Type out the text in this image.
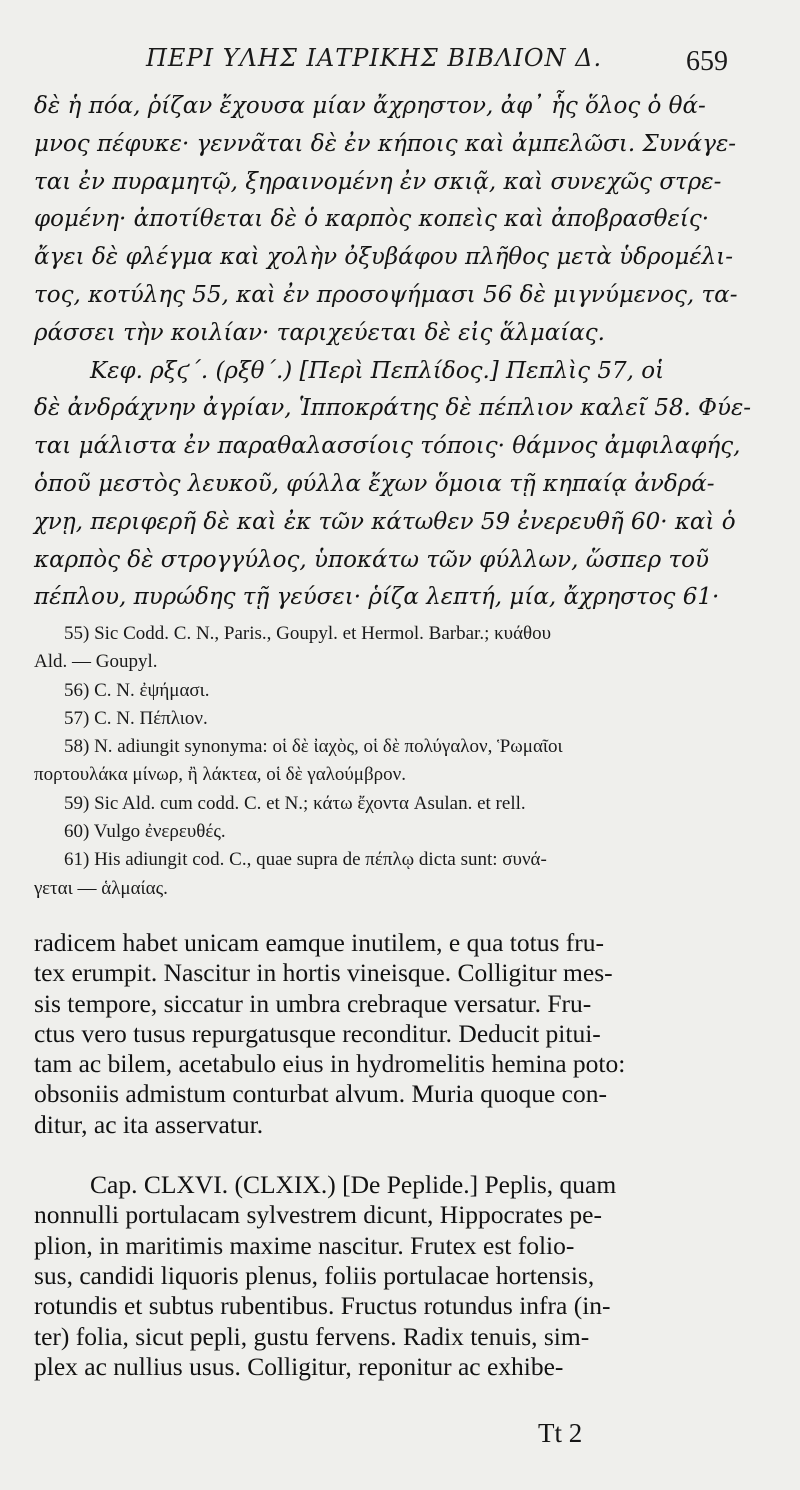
ΠΕΡΙ ΥΛΗΣ ΙΑΤΡΙΚΗΣ ΒΙΒΛΙΟΝ Δ.	659
δὲ ἡ πόα, ῥίζαν ἔχουσα μίαν ἄχρηστον, ἀφ᾽ ἧς ὅλος ὁ θά-
μνος πέφυκε· γεννᾶται δὲ ἐν κήποις καὶ ἀμπελῶσι. Συνάγε-
ται ἐν πυραμητῷ, ξηραινομένη ἐν σκιᾷ, καὶ συνεχῶς στρε-
φομένη· ἀποτίθεται δὲ ὁ καρπὸς κοπεὶς καὶ ἀποβρασθείς·
ἄγει δὲ φλέγμα καὶ χολὴν ὀξυβάφου πλῆθος μετὰ ὑδρομέλι-
τος, κοτύλης 55, καὶ ἐν προσοψήμασι 56 δὲ μιγνύμενος, τα-
ράσσει τὴν κοιλίαν· ταριχεύεται δὲ εἰς ἅλμαίας.
Κεφ. ρξϛ΄. (ρξθ΄.) [Περὶ Πεπλίδος.] Πεπλὶς 57, οἱ
δὲ ἀνδράχνην ἀγρίαν, Ἱπποκράτης δὲ πέπλιον καλεῖ 58. Φύε-
ται μάλιστα ἐν παραθαλασσίοις τόποις· θάμνος ἀμφιλαφής,
ὁποῦ μεστὸς λευκοῦ, φύλλα ἔχων ὅμοια τῇ κηπαίᾳ ἀνδρά-
χνῃ, περιφερῆ δὲ καὶ ἐκ τῶν κάτωθεν 59 ἐνερευθῆ 60· καὶ ὁ
καρπὸς δὲ στρογγύλος, ὑποκάτω τῶν φύλλων, ὥσπερ τοῦ
πέπλου, πυρώδης τῇ γεύσει· ῥίζα λεπτή, μία, ἄχρηστος 61·
55) Sic Codd. C. N., Paris., Goupyl. et Hermol. Barbar.; κυάθου
Ald. — Goupyl.
56) C. N. ἐψήμασι.
57) C. N. Πέπλιον.
58) N. adiungit synonyma: οἱ δὲ ἰαχὸς, οἱ δὲ πολύγαλον, Ῥωμαῖοι
πορτουλάκα μίνωρ, ἢ λάκτεα, οἱ δὲ γαλούμβρον.
59) Sic Ald. cum codd. C. et N.; κάτω ἔχοντα Asulan. et rell.
60) Vulgo ἐνερευθές.
61) His adiungit cod. C., quae supra de πέπλῳ dicta sunt: συνά-
γεται — ἁλμαίας.
radicem habet unicam eamque inutilem, e qua totus fru-
tex erumpit. Nascitur in hortis vineisque. Colligitur mes-
sis tempore, siccatur in umbra crebraque versatur. Fru-
ctus vero tusus repurgatusque reconditur. Deducit pitui-
tam ac bilem, acetabulo eius in hydromelitis hemina poto:
obsoniis admistum conturbat alvum. Muria quoque con-
ditur, ac ita asservatur.
Cap. CLXVI. (CLXIX.) [De Peplide.] Peplis, quam
nonnulli portulacam sylvestrem dicunt, Hippocrates pe-
plion, in maritimis maxime nascitur. Frutex est folio-
sus, candidi liquoris plenus, foliis portulacae hortensis,
rotundis et subtus rubentibus. Fructus rotundus infra (in-
ter) folia, sicut pepli, gustu fervens. Radix tenuis, sim-
plex ac nullius usus. Colligitur, reponitur ac exhibe-
Tt 2
